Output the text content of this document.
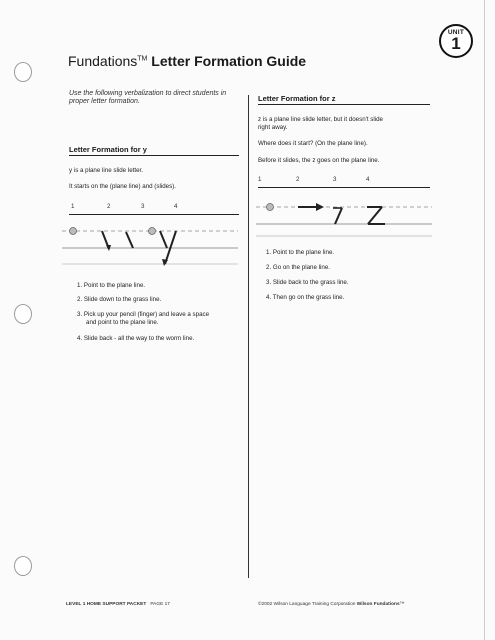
Fundations™ Letter Formation Guide
UNIT
1
Use the following verbalization to direct students in proper letter formation.
Letter Formation for y
y is a plane line slide letter.
It starts on the (plane line) and (slides).
1	2	3	4
1. Point to the plane line.
2. Slide down to the grass line.
3. Pick up your pencil (finger) and leave a space
and point to the plane line.
4. Slide back - all the way to the worm line.
Letter Formation for z
z is a plane line slide letter, but it doesn't slide
right away.
Where does it start? (On the plane line).
Before it slides, the z goes on the plane line.
1	2	3	4
1. Point to the plane line.
2. Go on the plane line.
3. Slide back to the grass line.
4. Then go on the grass line.
LEVEL 1 HOME SUPPORT PACKET PAGE 17	©2002 Wilson Language Training Corporation Wilson Fundations™
